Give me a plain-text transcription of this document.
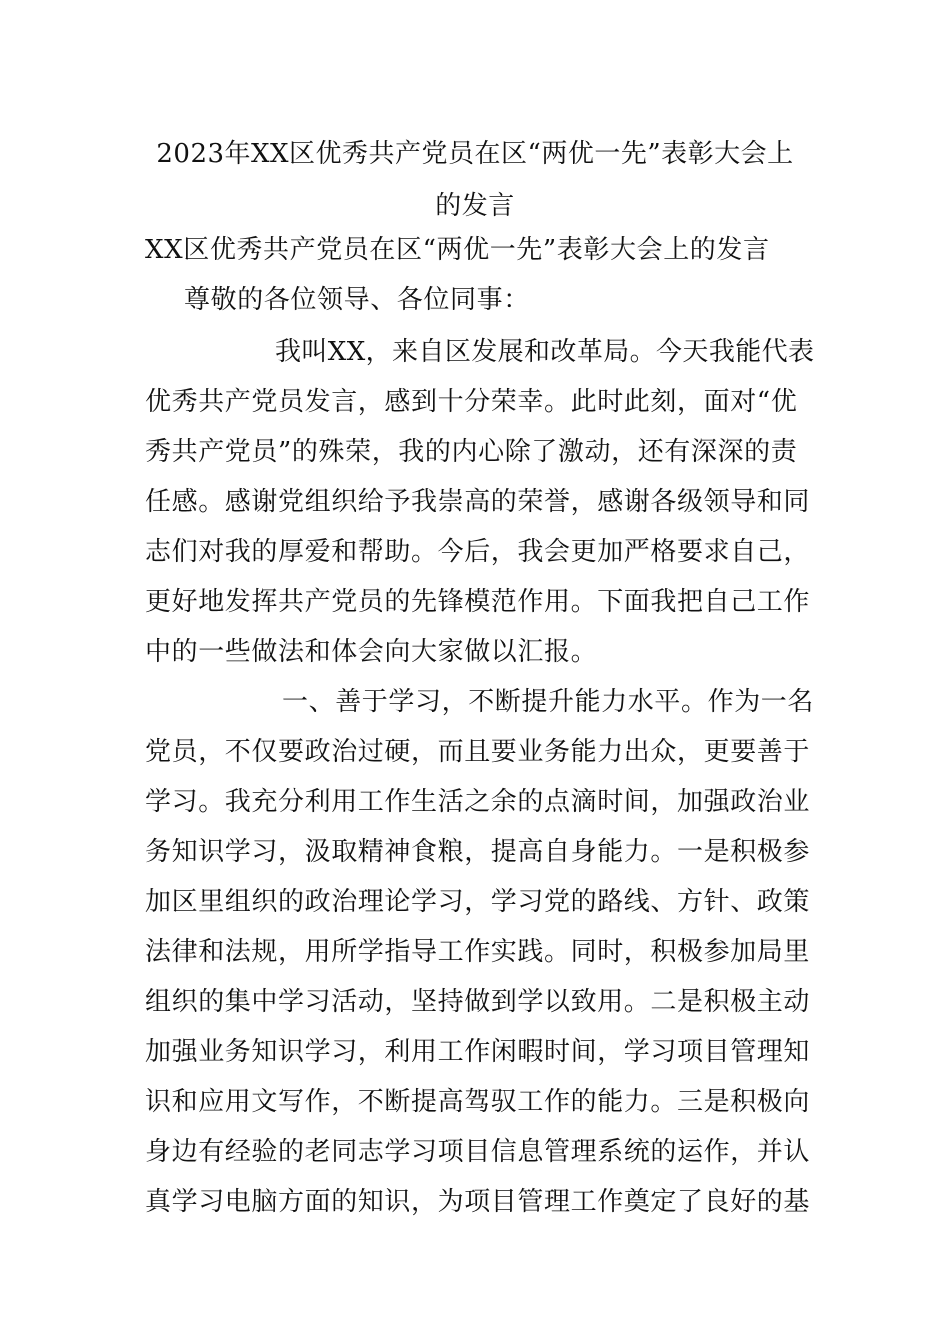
2023年XX区优秀共产党员在区“两优一先”表彰大会上
的发言
XX区优秀共产党员在区“两优一先”表彰大会上的发言
尊敬的各位领导、各位同事：
我叫XX，来自区发展和改革局。今天我能代表
优秀共产党员发言，感到十分荣幸。此时此刻，面对“优
秀共产党员”的殊荣，我的内心除了激动，还有深深的责
任感。感谢党组织给予我崇高的荣誉，感谢各级领导和同
志们对我的厚爱和帮助。今后，我会更加严格要求自己，
更好地发挥共产党员的先锋模范作用。下面我把自己工作
中的一些做法和体会向大家做以汇报。
一、善于学习，不断提升能力水平。作为一名
党员，不仅要政治过硬，而且要业务能力出众，更要善于
学习。我充分利用工作生活之余的点滴时间，加强政治业
务知识学习，汲取精神食粮，提高自身能力。一是积极参
加区里组织的政治理论学习，学习党的路线、方针、政策
法律和法规，用所学指导工作实践。同时，积极参加局里
组织的集中学习活动，坚持做到学以致用。二是积极主动
加强业务知识学习，利用工作闲暇时间，学习项目管理知
识和应用文写作，不断提高驾驭工作的能力。三是积极向
身边有经验的老同志学习项目信息管理系统的运作，并认
真学习电脑方面的知识，为项目管理工作奠定了良好的基
